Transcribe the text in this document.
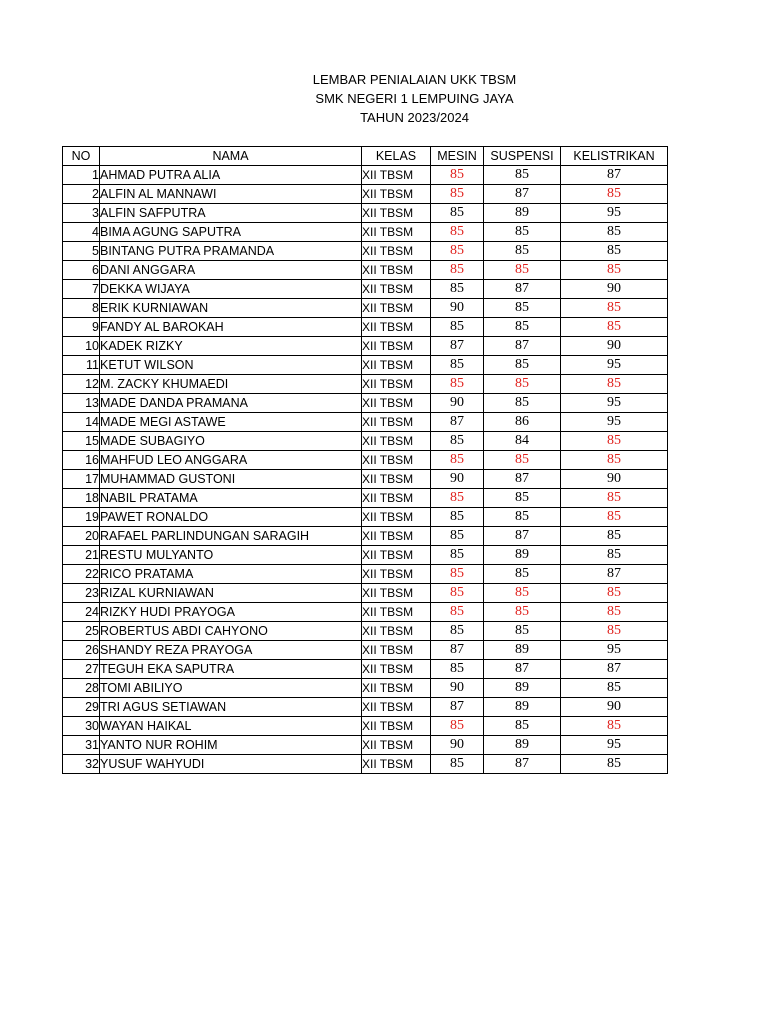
LEMBAR PENIALAIAN UKK TBSM
SMK NEGERI 1 LEMPUING JAYA
TAHUN 2023/2024
NO	NAMA	KELAS	MESIN	SUSPENSI	KELISTRIKAN
1	AHMAD PUTRA ALIA	XII TBSM	85	85	87
2	ALFIN AL MANNAWI	XII TBSM	85	87	85
3	ALFIN SAFPUTRA	XII TBSM	85	89	95
4	BIMA AGUNG SAPUTRA	XII TBSM	85	85	85
5	BINTANG PUTRA PRAMANDA	XII TBSM	85	85	85
6	DANI ANGGARA	XII TBSM	85	85	85
7	DEKKA WIJAYA	XII TBSM	85	87	90
8	ERIK KURNIAWAN	XII TBSM	90	85	85
9	FANDY AL BAROKAH	XII TBSM	85	85	85
10	KADEK RIZKY	XII TBSM	87	87	90
11	KETUT WILSON	XII TBSM	85	85	95
12	M. ZACKY KHUMAEDI	XII TBSM	85	85	85
13	MADE DANDA PRAMANA	XII TBSM	90	85	95
14	MADE MEGI ASTAWE	XII TBSM	87	86	95
15	MADE SUBAGIYO	XII TBSM	85	84	85
16	MAHFUD LEO ANGGARA	XII TBSM	85	85	85
17	MUHAMMAD GUSTONI	XII TBSM	90	87	90
18	NABIL PRATAMA	XII TBSM	85	85	85
19	PAWET RONALDO	XII TBSM	85	85	85
20	RAFAEL PARLINDUNGAN SARAGIH	XII TBSM	85	87	85
21	RESTU MULYANTO	XII TBSM	85	89	85
22	RICO PRATAMA	XII TBSM	85	85	87
23	RIZAL KURNIAWAN	XII TBSM	85	85	85
24	RIZKY HUDI PRAYOGA	XII TBSM	85	85	85
25	ROBERTUS ABDI CAHYONO	XII TBSM	85	85	85
26	SHANDY REZA PRAYOGA	XII TBSM	87	89	95
27	TEGUH EKA SAPUTRA	XII TBSM	85	87	87
28	TOMI ABILIYO	XII TBSM	90	89	85
29	TRI AGUS SETIAWAN	XII TBSM	87	89	90
30	WAYAN HAIKAL	XII TBSM	85	85	85
31	YANTO NUR ROHIM	XII TBSM	90	89	95
32	YUSUF WAHYUDI	XII TBSM	85	87	85
